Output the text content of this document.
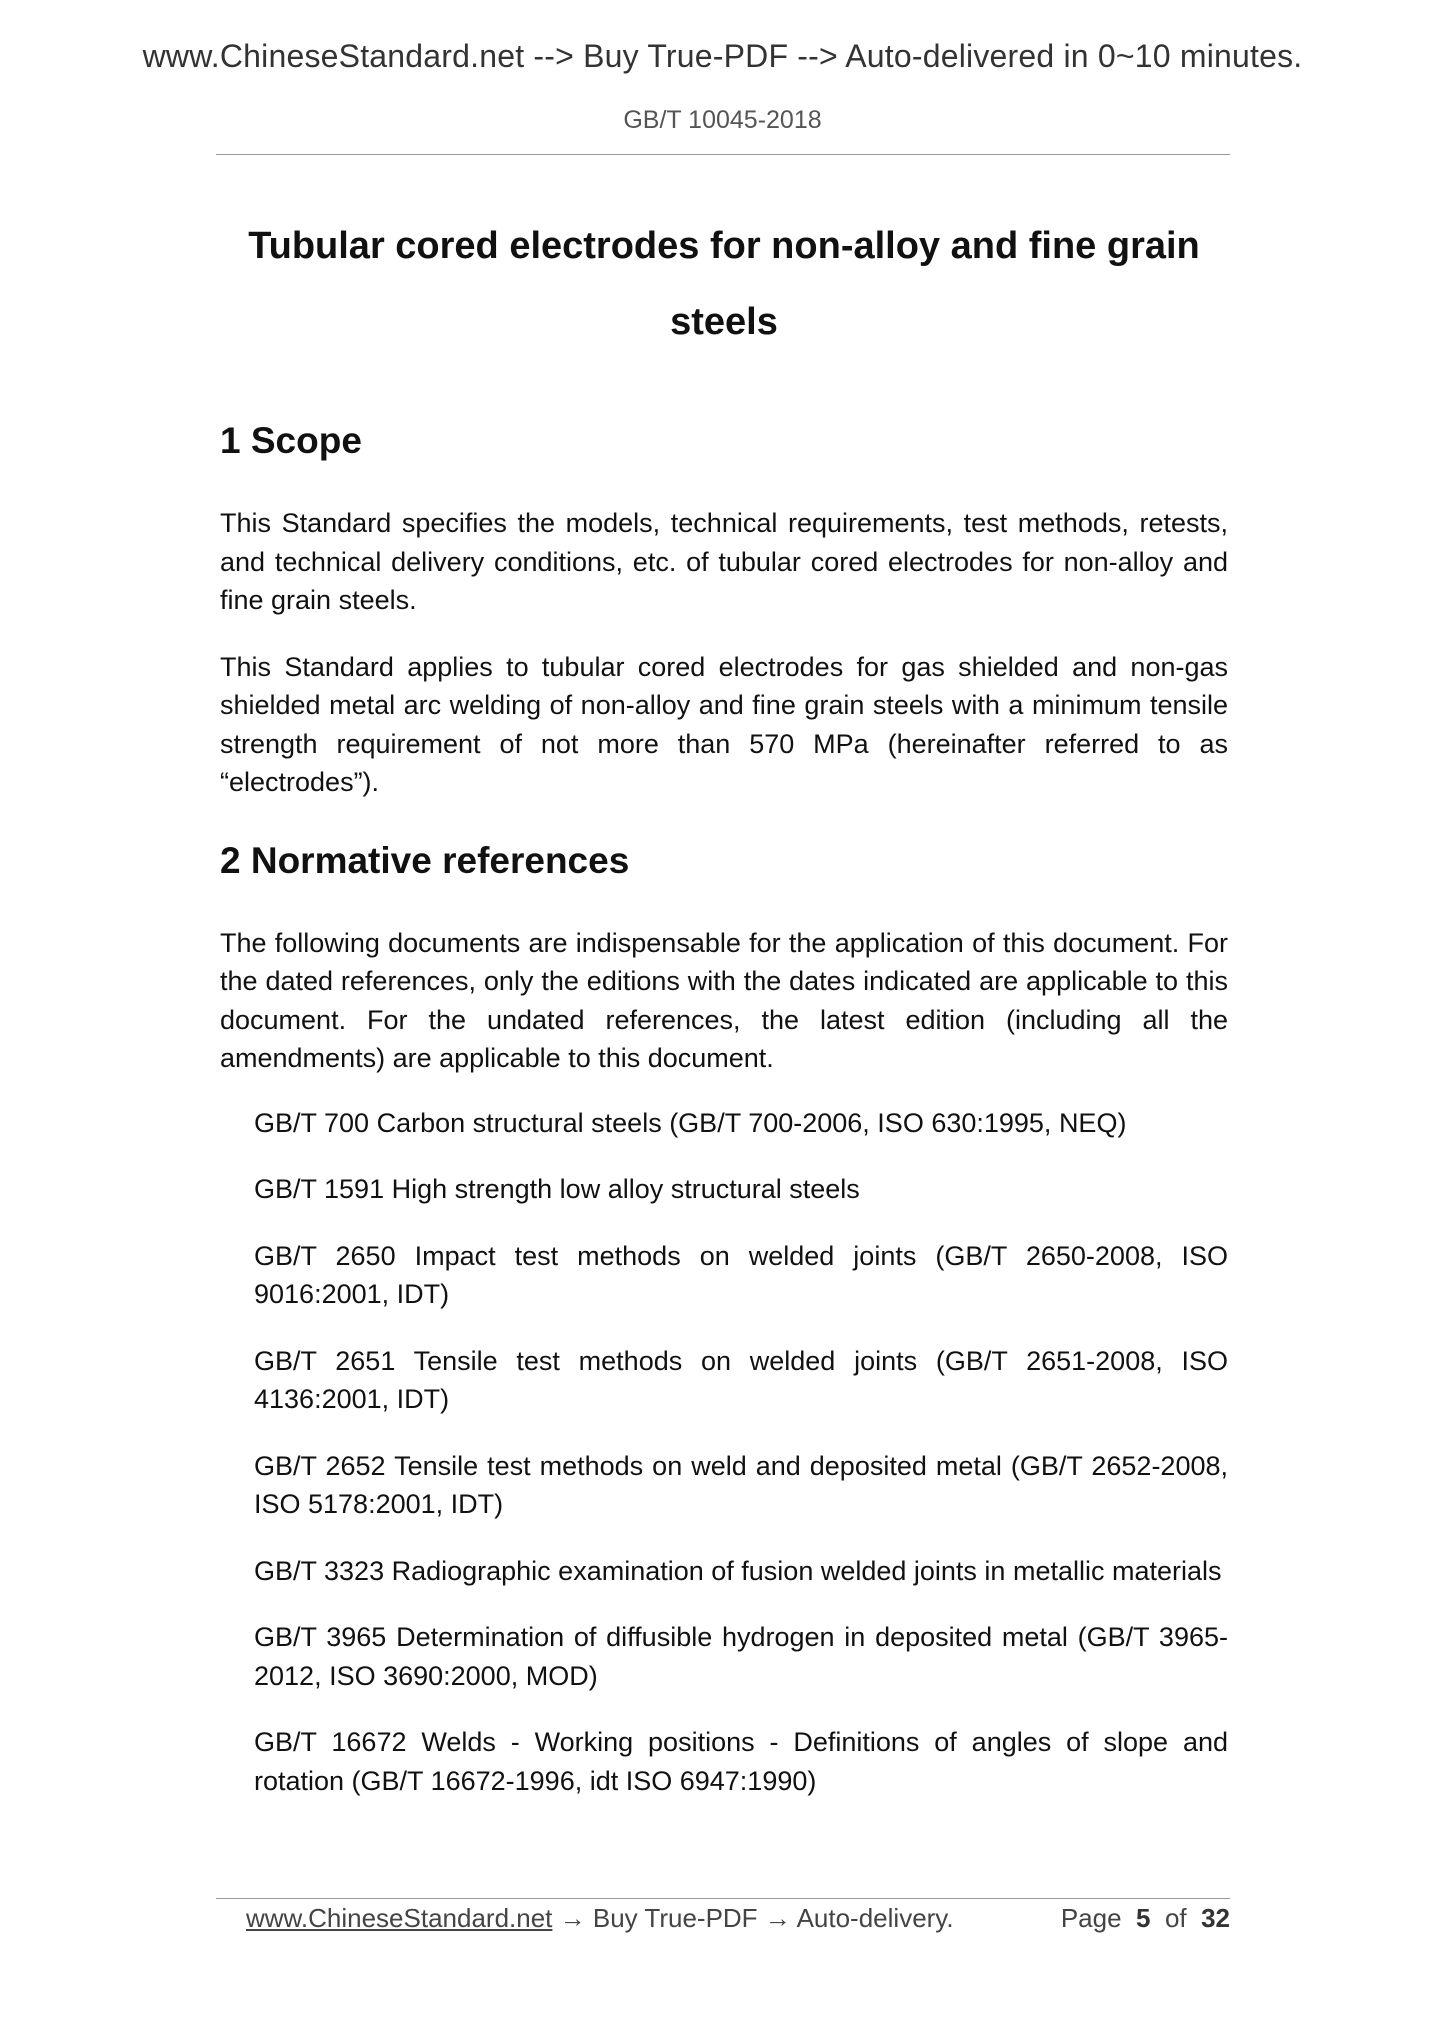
www.ChineseStandard.net --> Buy True-PDF --> Auto-delivered in 0~10 minutes.
GB/T 10045-2018
Tubular cored electrodes for non-alloy and fine grain steels
1 Scope

This Standard specifies the models, technical requirements, test methods, retests, and technical delivery conditions, etc. of tubular cored electrodes for non-alloy and fine grain steels.

This Standard applies to tubular cored electrodes for gas shielded and non-gas shielded metal arc welding of non-alloy and fine grain steels with a minimum tensile strength requirement of not more than 570 MPa (hereinafter referred to as “electrodes”).

2 Normative references

The following documents are indispensable for the application of this document. For the dated references, only the editions with the dates indicated are applicable to this document. For the undated references, the latest edition (including all the amendments) are applicable to this document.

GB/T 700 Carbon structural steels (GB/T 700-2006, ISO 630:1995, NEQ)
GB/T 1591 High strength low alloy structural steels
GB/T 2650 Impact test methods on welded joints (GB/T 2650-2008, ISO 9016:2001, IDT)
GB/T 2651 Tensile test methods on welded joints (GB/T 2651-2008, ISO 4136:2001, IDT)
GB/T 2652 Tensile test methods on weld and deposited metal (GB/T 2652-2008, ISO 5178:2001, IDT)
GB/T 3323 Radiographic examination of fusion welded joints in metallic materials
GB/T 3965 Determination of diffusible hydrogen in deposited metal (GB/T 3965-2012, ISO 3690:2000, MOD)
GB/T 16672 Welds - Working positions - Definitions of angles of slope and rotation (GB/T 16672-1996, idt ISO 6947:1990)
www.ChineseStandard.net → Buy True-PDF → Auto-delivery.	Page 5 of 32
